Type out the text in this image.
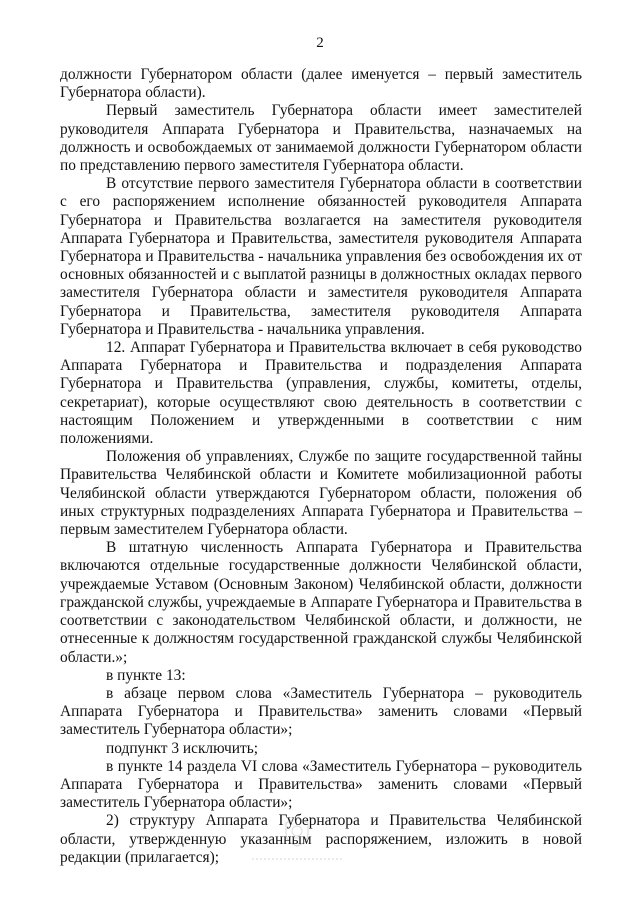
2

должности Губернатором области (далее именуется – первый заместитель Губернатора области).

Первый заместитель Губернатора области имеет заместителей руководителя Аппарата Губернатора и Правительства, назначаемых на должность и освобождаемых от занимаемой должности Губернатором области по представлению первого заместителя Губернатора области.

В отсутствие первого заместителя Губернатора области в соответствии с его распоряжением исполнение обязанностей руководителя Аппарата Губернатора и Правительства возлагается на заместителя руководителя Аппарата Губернатора и Правительства, заместителя руководителя Аппарата Губернатора и Правительства - начальника управления без освобождения их от основных обязанностей и с выплатой разницы в должностных окладах первого заместителя Губернатора области и заместителя руководителя Аппарата Губернатора и Правительства, заместителя руководителя Аппарата Губернатора и Правительства - начальника управления.

12. Аппарат Губернатора и Правительства включает в себя руководство Аппарата Губернатора и Правительства и подразделения Аппарата Губернатора и Правительства (управления, службы, комитеты, отделы, секретариат), которые осуществляют свою деятельность в соответствии с настоящим Положением и утвержденными в соответствии с ним положениями.

Положения об управлениях, Службе по защите государственной тайны Правительства Челябинской области и Комитете мобилизационной работы Челябинской области утверждаются Губернатором области, положения об иных структурных подразделениях Аппарата Губернатора и Правительства – первым заместителем Губернатора области.

В штатную численность Аппарата Губернатора и Правительства включаются отдельные государственные должности Челябинской области, учреждаемые Уставом (Основным Законом) Челябинской области, должности гражданской службы, учреждаемые в Аппарате Губернатора и Правительства в соответствии с законодательством Челябинской области, и должности, не отнесенные к должностям государственной гражданской службы Челябинской области.»;

в пункте 13:

в абзаце первом слова «Заместитель Губернатора – руководитель Аппарата Губернатора и Правительства» заменить словами «Первый заместитель Губернатора области»;

подпункт 3 исключить;

в пункте 14 раздела VI слова «Заместитель Губернатора – руководитель Аппарата Губернатора и Правительства» заменить словами «Первый заместитель Губернатора области»;

2) структуру Аппарата Губернатора и Правительства Челябинской области, утвержденную указанным распоряжением, изложить в новой редакции (прилагается);
